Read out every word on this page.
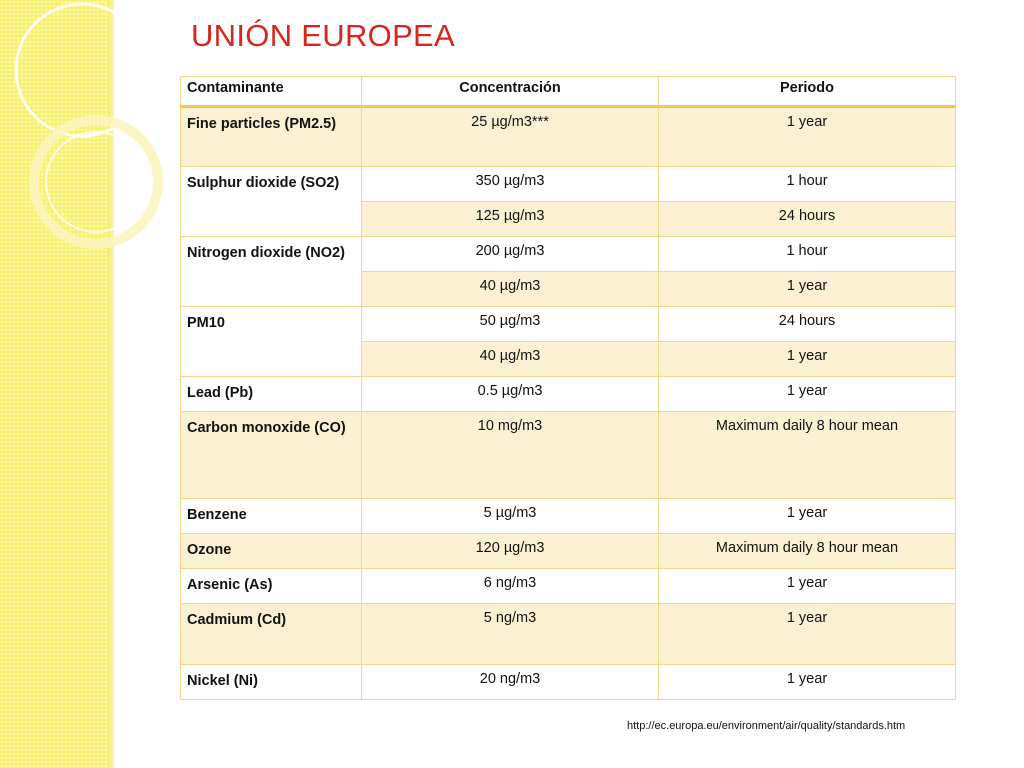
UNIÓN EUROPEA
Contaminante	Concentración	Periodo
Fine particles (PM2.5)	25 µg/m3***	1 year
Sulphur dioxide (SO2)	350 µg/m3	1 hour
	125 µg/m3	24 hours
Nitrogen dioxide (NO2)	200 µg/m3	1 hour
	40 µg/m3	1 year
PM10	50 µg/m3	24 hours
	40 µg/m3	1 year
Lead (Pb)	0.5 µg/m3	1 year
Carbon monoxide (CO)	10 mg/m3	Maximum daily 8 hour mean
Benzene	5 µg/m3	1 year
Ozone	120 µg/m3	Maximum daily 8 hour mean
Arsenic (As)	6 ng/m3	1 year
Cadmium (Cd)	5 ng/m3	1 year
Nickel (Ni)	20 ng/m3	1 year
http://ec.europa.eu/environment/air/quality/standards.htm
